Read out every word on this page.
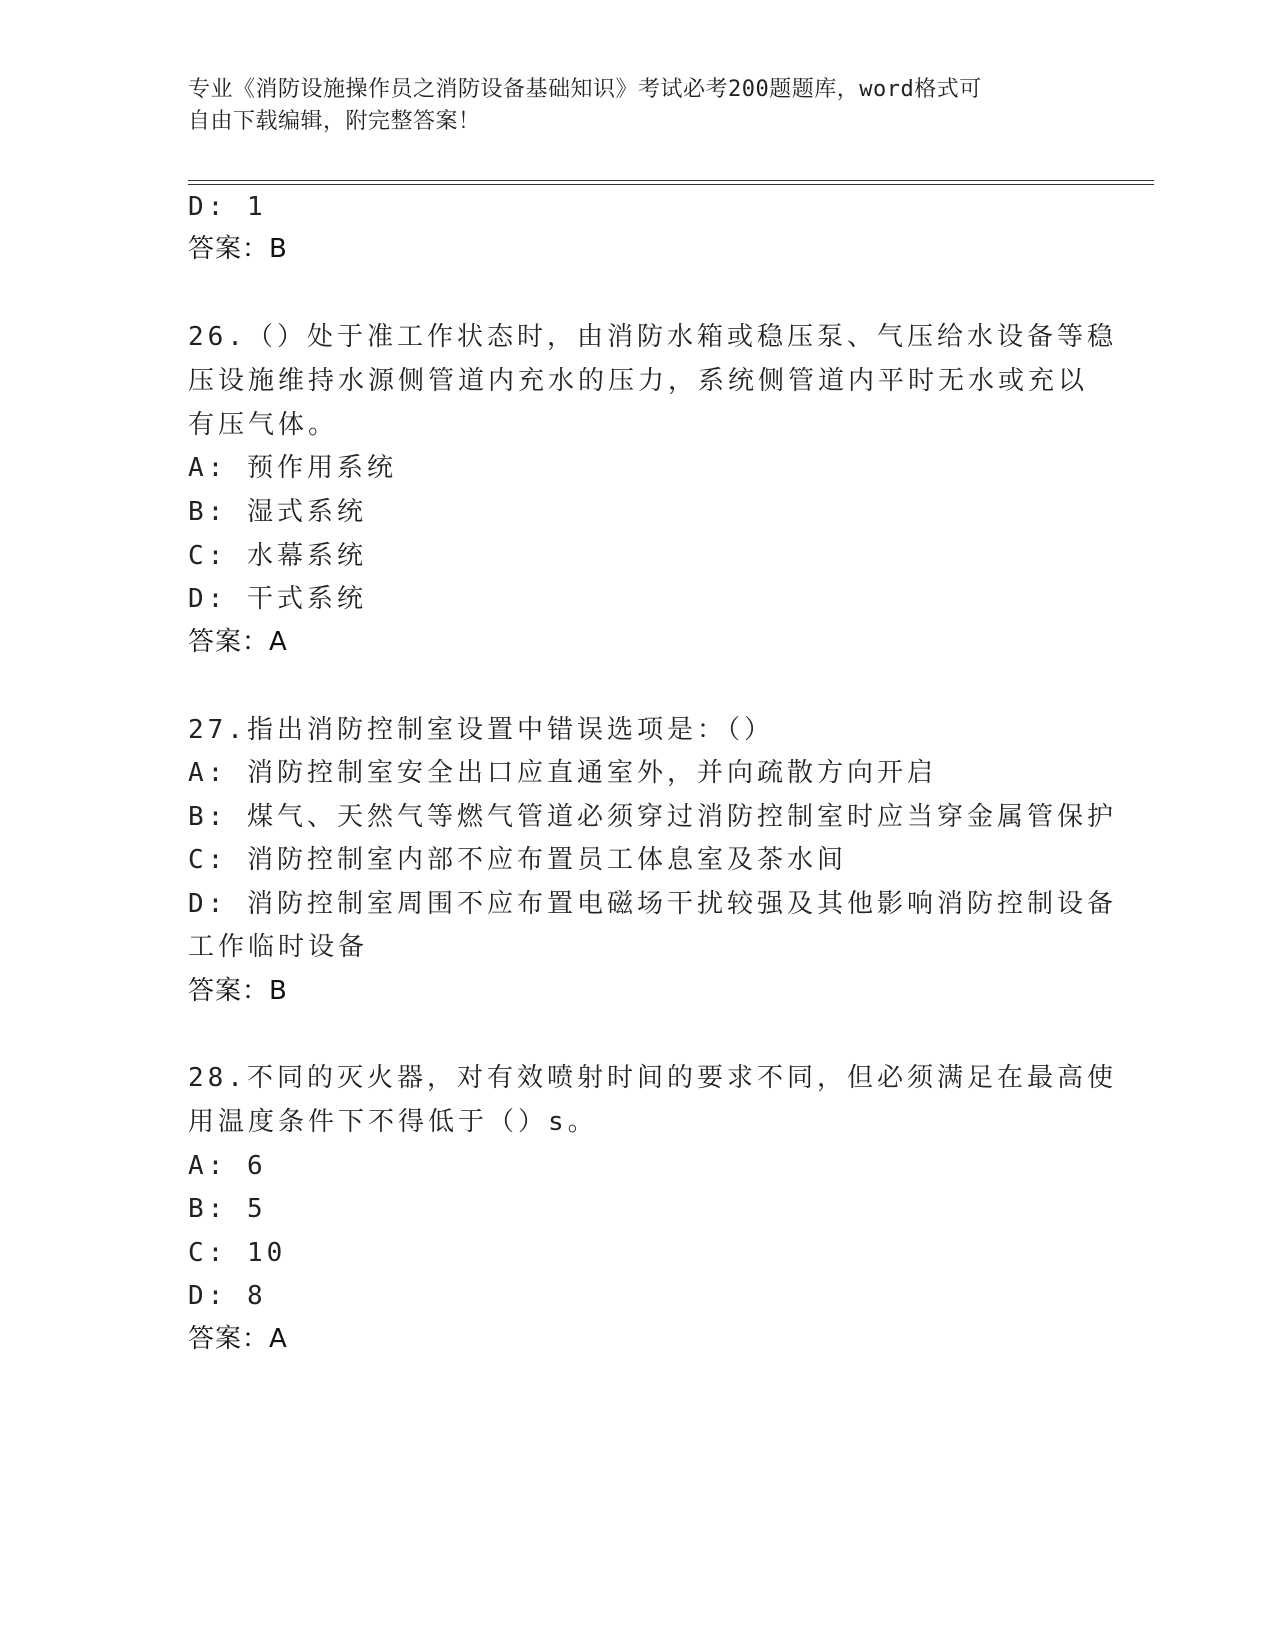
专业《消防设施操作员之消防设备基础知识》考试必考200题题库，word格式可
自由下载编辑，附完整答案！
D: 1
答案：B
26.（）处于准工作状态时，由消防水箱或稳压泵、气压给水设备等稳
压设施维持水源侧管道内充水的压力，系统侧管道内平时无水或充以
有压气体。
A: 预作用系统
B: 湿式系统
C: 水幕系统
D: 干式系统
答案：A
27.指出消防控制室设置中错误选项是：（）
A: 消防控制室安全出口应直通室外，并向疏散方向开启
B: 煤气、天然气等燃气管道必须穿过消防控制室时应当穿金属管保护
C: 消防控制室内部不应布置员工体息室及茶水间
D: 消防控制室周围不应布置电磁场干扰较强及其他影响消防控制设备
工作临时设备
答案：B
28.不同的灭火器，对有效喷射时间的要求不同，但必须满足在最高使
用温度条件下不得低于（）s。
A: 6
B: 5
C: 10
D: 8
答案：A
